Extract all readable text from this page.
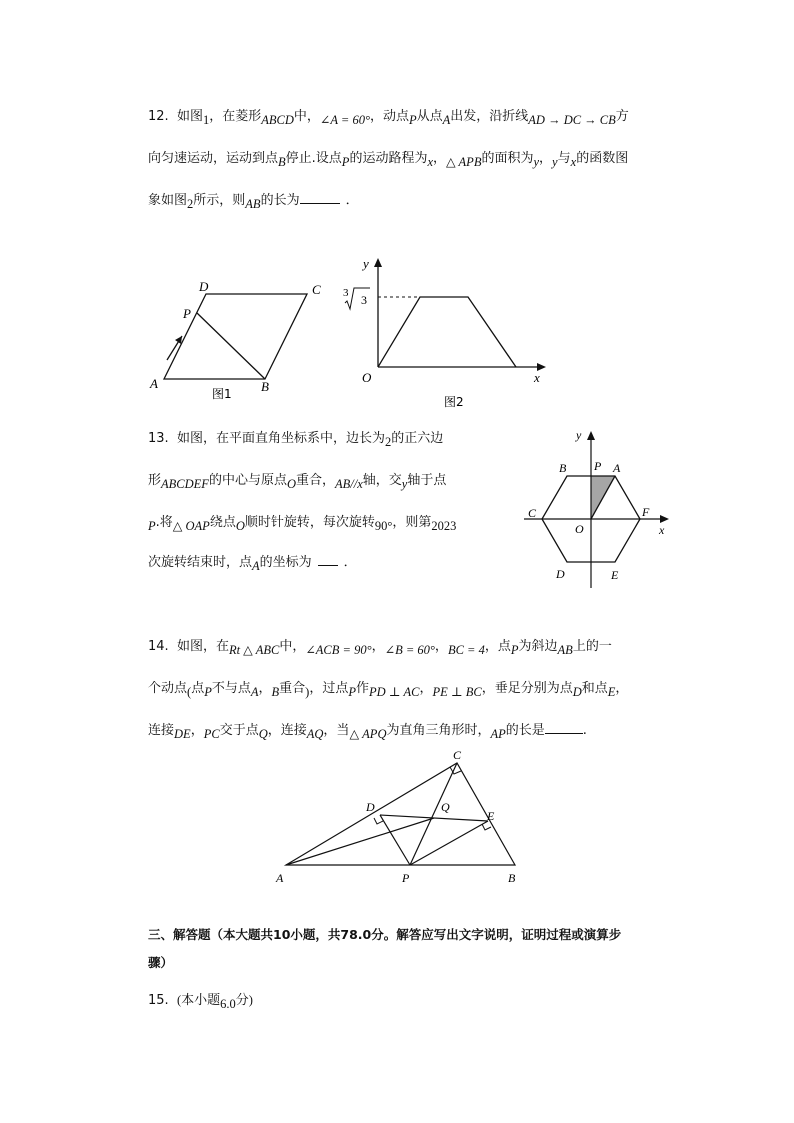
12.  如图1，在菱形ABCD中，∠A = 60°，动点P从点A出发，沿折线AD → DC → CB方
向匀速运动，运动到点B停止.设点P的运动路程为x，△ APB的面积为y，y与x的函数图
象如图2所示，则AB的长为	．
D	C
P
A	B
图1
y
x
O
3 3
图2
13.  如图，在平面直角坐标系中，边长为2的正六边
形ABCDEF的中心与原点O重合，AB//x轴，交y轴于点
P.将△ OAP绕点O顺时针旋转，每次旋转90°，则第2023
次旋转结束时，点A的坐标为 ．
y
x
B P A
C
O
F
D	E
14.  如图，在Rt △ ABC中，∠ACB = 90°，∠B = 60°，BC = 4，点P为斜边AB上的一
个动点(点P不与点A，B重合)，过点P作PD ⊥ AC，PE ⊥ BC，垂足分别为点D和点E，
连接DE，PC交于点Q，连接AQ，当△ APQ为直角三角形时，AP的长是	.
C
D	Q
E
A	P	B
三、解答题（本大题共10小题，共78.0分。解答应写出文字说明，证明过程或演算步
骤）
15.  (本小题6.0分)
